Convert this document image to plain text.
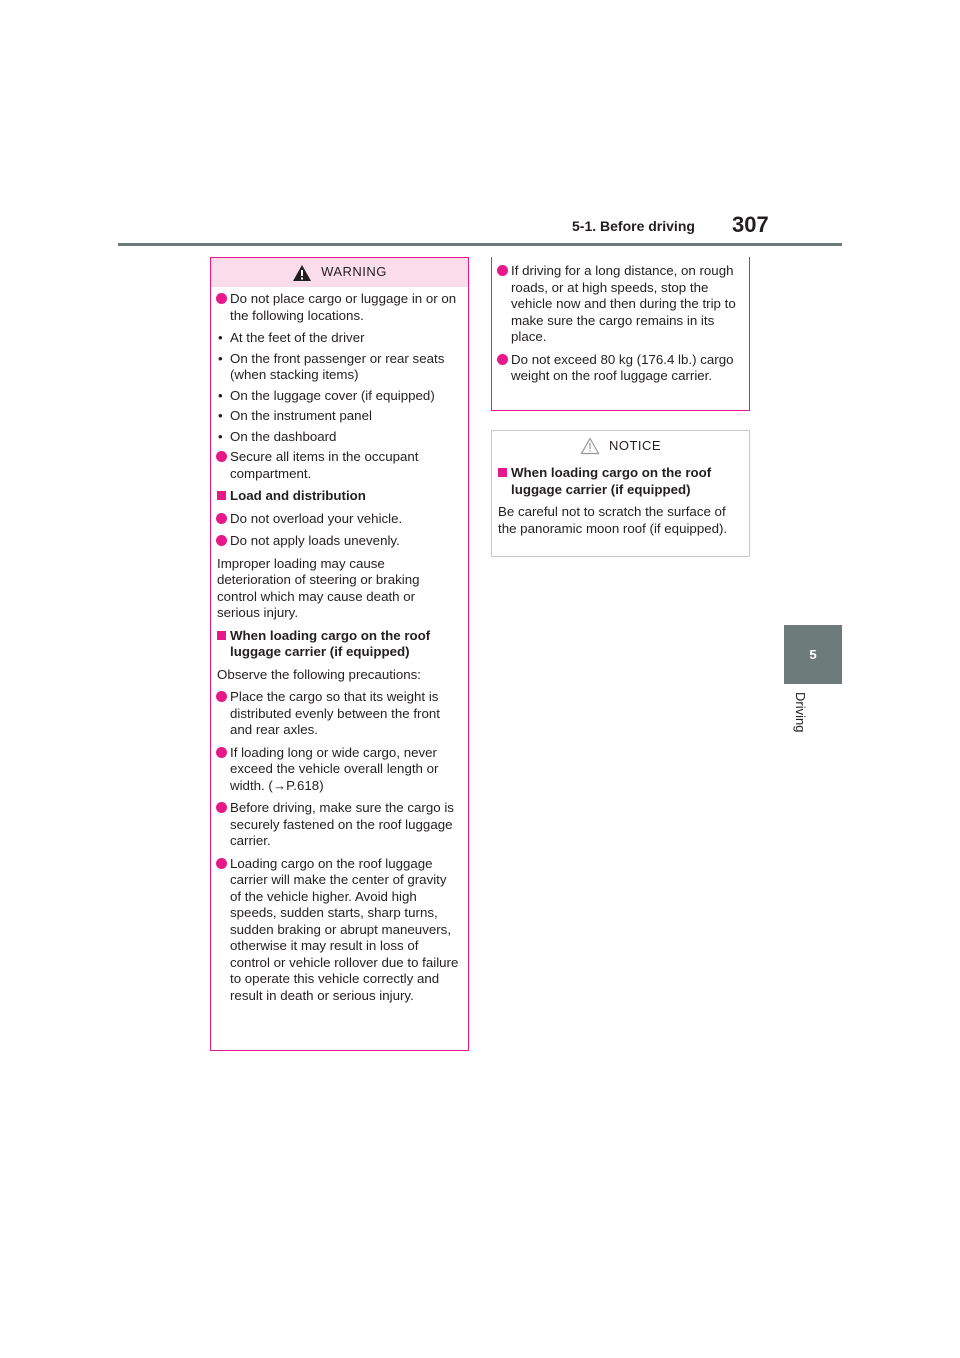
5-1. Before driving 307
5
Driving
WARNING
Do not place cargo or luggage in or on the following locations.
• At the feet of the driver
• On the front passenger or rear seats (when stacking items)
• On the luggage cover (if equipped)
• On the instrument panel
• On the dashboard
Secure all items in the occupant compartment.
Load and distribution
Do not overload your vehicle.
Do not apply loads unevenly.
Improper loading may cause deterioration of steering or braking control which may cause death or serious injury.
When loading cargo on the roof luggage carrier (if equipped)
Observe the following precautions:
Place the cargo so that its weight is distributed evenly between the front and rear axles.
If loading long or wide cargo, never exceed the vehicle overall length or width. (→P.618)
Before driving, make sure the cargo is securely fastened on the roof luggage carrier.
Loading cargo on the roof luggage carrier will make the center of gravity of the vehicle higher. Avoid high speeds, sudden starts, sharp turns, sudden braking or abrupt maneuvers, otherwise it may result in loss of control or vehicle rollover due to failure to operate this vehicle correctly and result in death or serious injury.
If driving for a long distance, on rough roads, or at high speeds, stop the vehicle now and then during the trip to make sure the cargo remains in its place.
Do not exceed 80 kg (176.4 lb.) cargo weight on the roof luggage carrier.
NOTICE
When loading cargo on the roof luggage carrier (if equipped)
Be careful not to scratch the surface of the panoramic moon roof (if equipped).
